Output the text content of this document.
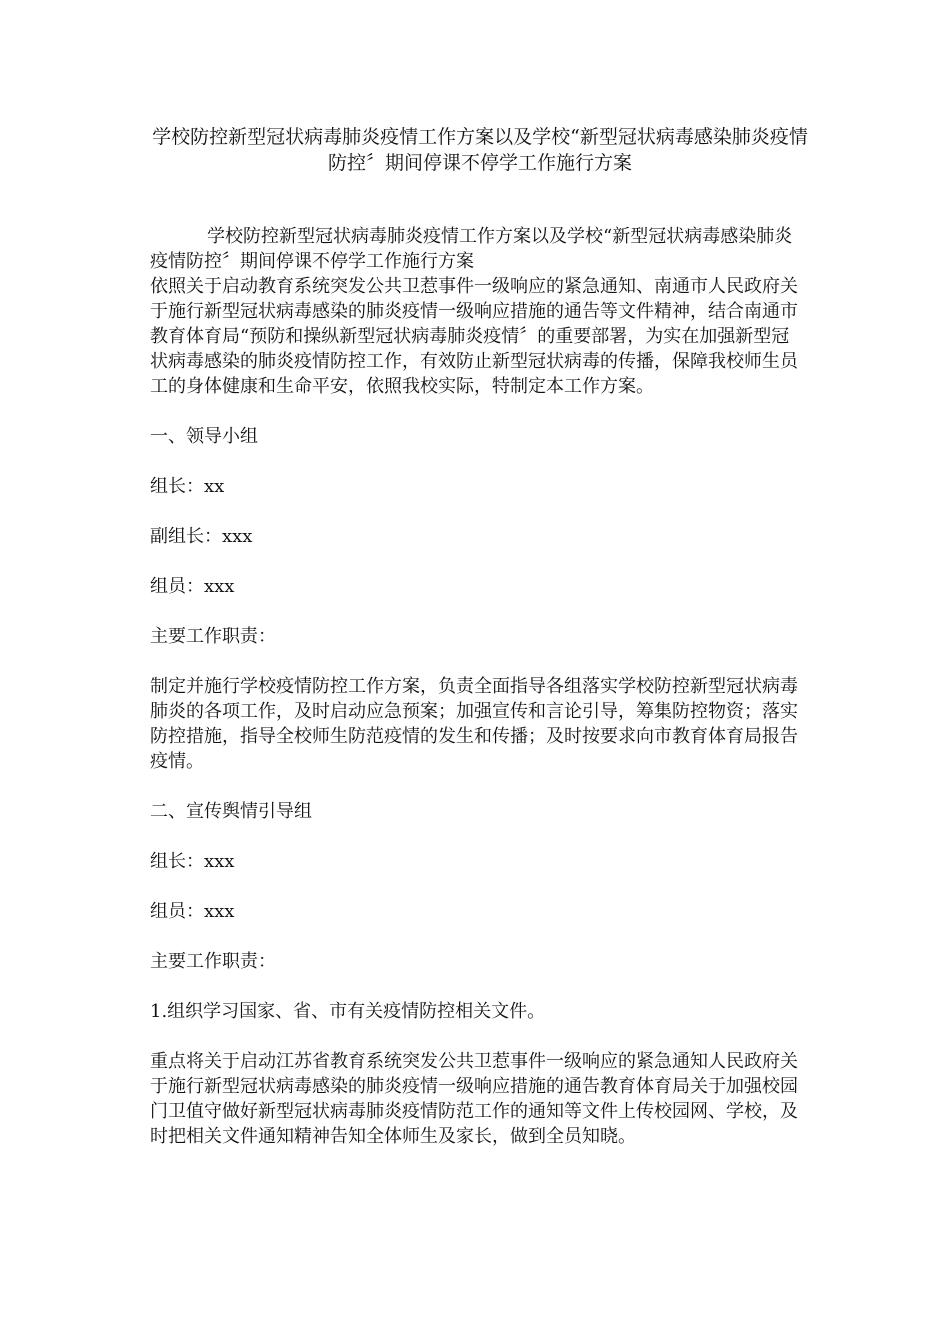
学校防控新型冠状病毒肺炎疫情工作方案以及学校“新型冠状病毒感染肺炎疫情防控〞期间停课不停学工作施行方案

学校防控新型冠状病毒肺炎疫情工作方案以及学校“新型冠状病毒感染肺炎疫情防控〞期间停课不停学工作施行方案

依照关于启动教育系统突发公共卫惹事件一级响应的紧急通知、南通市人民政府关于施行新型冠状病毒感染的肺炎疫情一级响应措施的通告等文件精神，结合南通市教育体育局“预防和操纵新型冠状病毒肺炎疫情〞的重要部署，为实在加强新型冠状病毒感染的肺炎疫情防控工作，有效防止新型冠状病毒的传播，保障我校师生员工的身体健康和生命平安，依照我校实际，特制定本工作方案。

一、领导小组

组长：xx

副组长：xxx

组员：xxx

主要工作职责：

制定并施行学校疫情防控工作方案，负责全面指导各组落实学校防控新型冠状病毒肺炎的各项工作，及时启动应急预案；加强宣传和言论引导，筹集防控物资；落实防控措施，指导全校师生防范疫情的发生和传播；及时按要求向市教育体育局报告疫情。

二、宣传舆情引导组

组长：xxx

组员：xxx

主要工作职责：

1.组织学习国家、省、市有关疫情防控相关文件。

重点将关于启动江苏省教育系统突发公共卫惹事件一级响应的紧急通知人民政府关于施行新型冠状病毒感染的肺炎疫情一级响应措施的通告教育体育局关于加强校园门卫值守做好新型冠状病毒肺炎疫情防范工作的通知等文件上传校园网、学校，及时把相关文件通知精神告知全体师生及家长，做到全员知晓。
